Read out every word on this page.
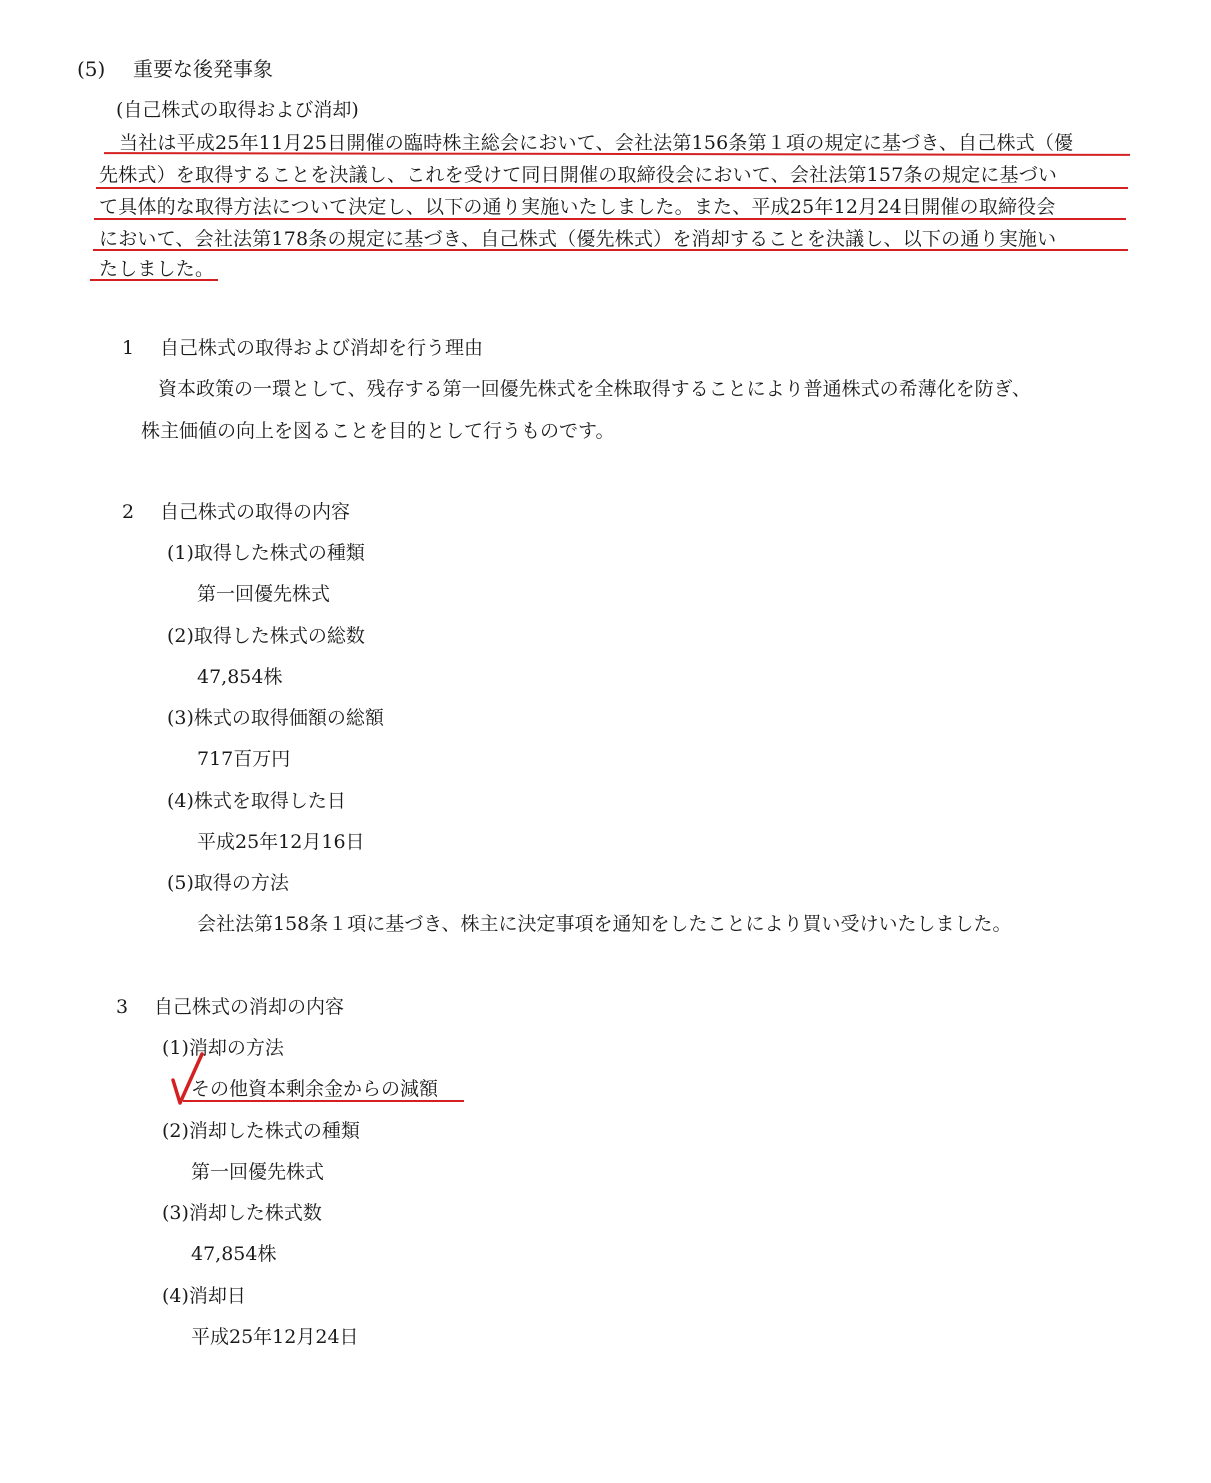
(5) 重要な後発事象
(自己株式の取得および消却)
当社は平成25年11月25日開催の臨時株主総会において、会社法第156条第１項の規定に基づき、自己株式（優
先株式）を取得することを決議し、これを受けて同日開催の取締役会において、会社法第157条の規定に基づい
て具体的な取得方法について決定し、以下の通り実施いたしました。また、平成25年12月24日開催の取締役会
において、会社法第178条の規定に基づき、自己株式（優先株式）を消却することを決議し、以下の通り実施い
たしました。
1 自己株式の取得および消却を行う理由
資本政策の一環として、残存する第一回優先株式を全株取得することにより普通株式の希薄化を防ぎ、
株主価値の向上を図ることを目的として行うものです。
2 自己株式の取得の内容
(1)取得した株式の種類
第一回優先株式
(2)取得した株式の総数
47,854株
(3)株式の取得価額の総額
717百万円
(4)株式を取得した日
平成25年12月16日
(5)取得の方法
会社法第158条１項に基づき、株主に決定事項を通知をしたことにより買い受けいたしました。
3 自己株式の消却の内容
(1)消却の方法
その他資本剰余金からの減額
(2)消却した株式の種類
第一回優先株式
(3)消却した株式数
47,854株
(4)消却日
平成25年12月24日
